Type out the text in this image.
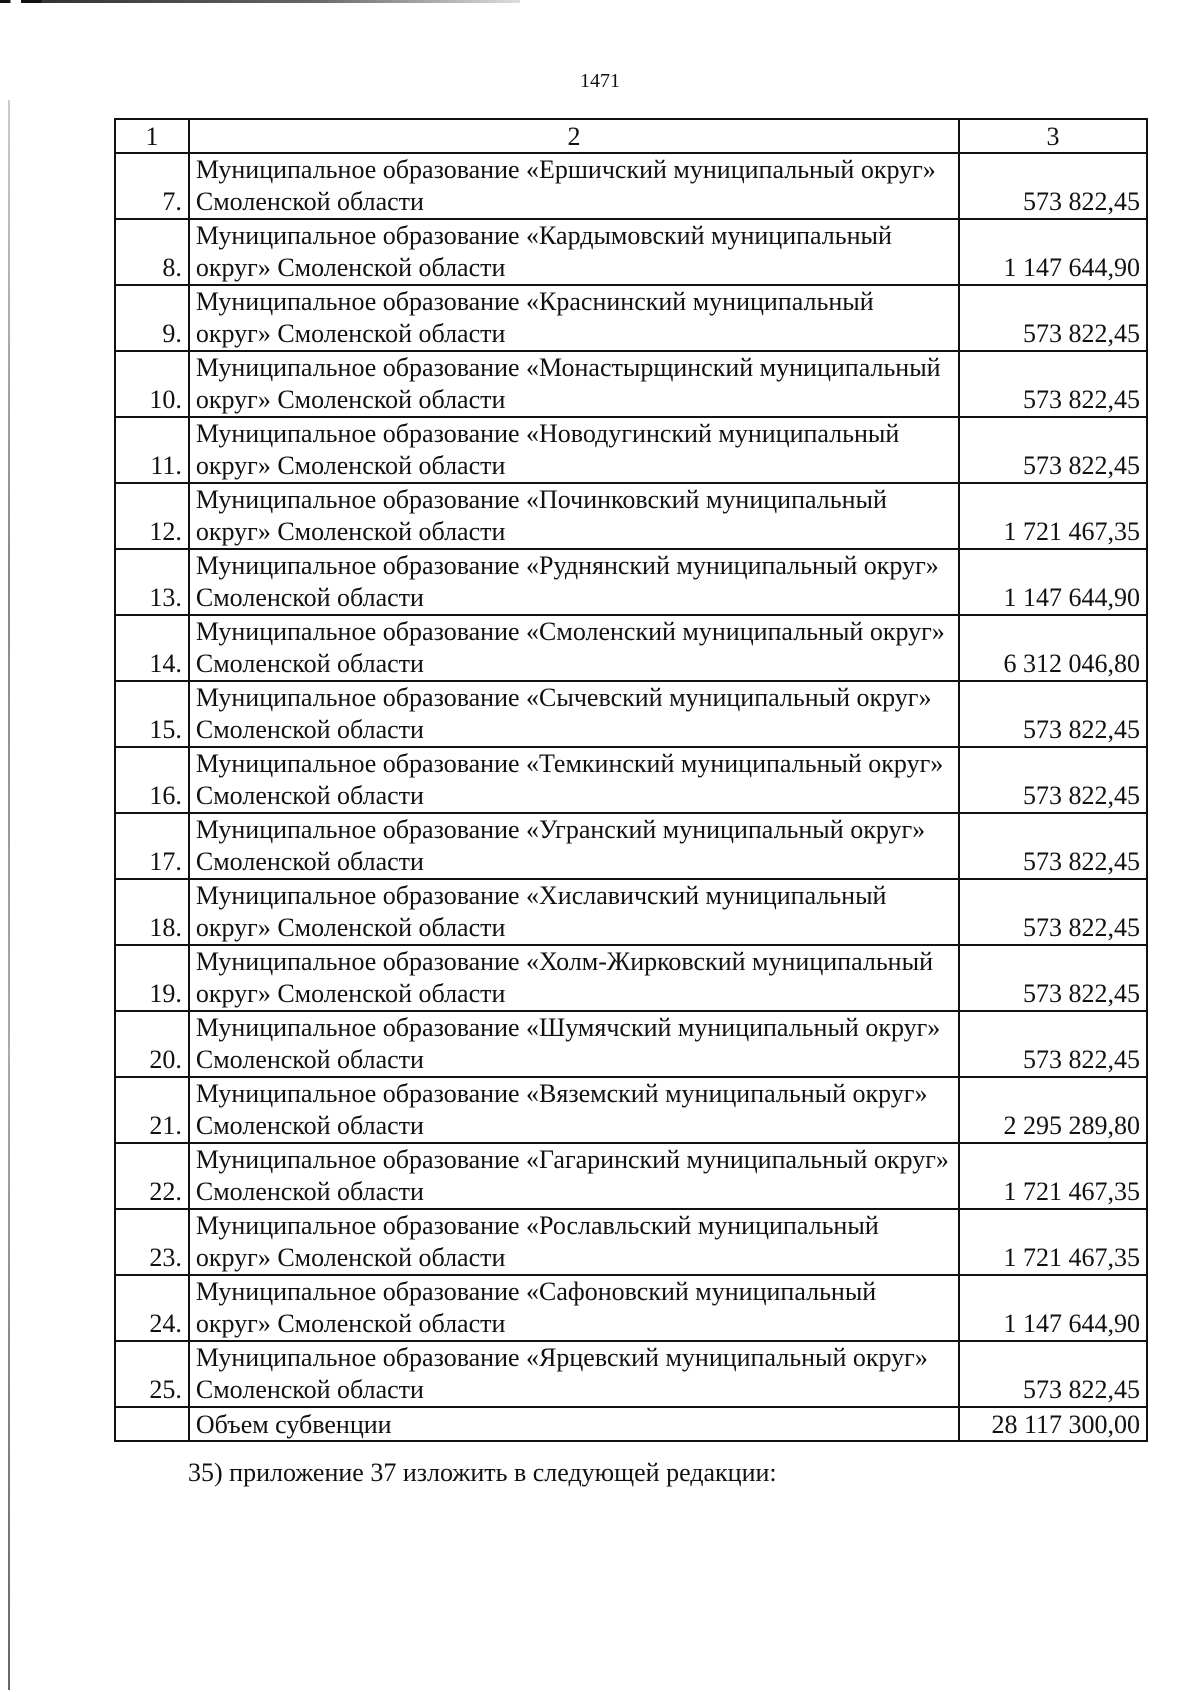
1471
1	2	3
7.	Муниципальное образование «Ершичский муниципальный округ» Смоленской области	573 822,45
8.	Муниципальное образование «Кардымовский муниципальный округ» Смоленской области	1 147 644,90
9.	Муниципальное образование «Краснинский муниципальный округ» Смоленской области	573 822,45
10.	Муниципальное образование «Монастырщинский муниципальный округ» Смоленской области	573 822,45
11.	Муниципальное образование «Новодугинский муниципальный округ» Смоленской области	573 822,45
12.	Муниципальное образование «Починковский муниципальный округ» Смоленской области	1 721 467,35
13.	Муниципальное образование «Руднянский муниципальный округ» Смоленской области	1 147 644,90
14.	Муниципальное образование «Смоленский муниципальный округ» Смоленской области	6 312 046,80
15.	Муниципальное образование «Сычевский муниципальный округ» Смоленской области	573 822,45
16.	Муниципальное образование «Темкинский муниципальный округ» Смоленской области	573 822,45
17.	Муниципальное образование «Угранский муниципальный округ» Смоленской области	573 822,45
18.	Муниципальное образование «Хиславичский муниципальный округ» Смоленской области	573 822,45
19.	Муниципальное образование «Холм-Жирковский муниципальный округ» Смоленской области	573 822,45
20.	Муниципальное образование «Шумячский муниципальный округ» Смоленской области	573 822,45
21.	Муниципальное образование «Вяземский муниципальный округ» Смоленской области	2 295 289,80
22.	Муниципальное образование «Гагаринский муниципальный округ» Смоленской области	1 721 467,35
23.	Муниципальное образование «Рославльский муниципальный округ» Смоленской области	1 721 467,35
24.	Муниципальное образование «Сафоновский муниципальный округ» Смоленской области	1 147 644,90
25.	Муниципальное образование «Ярцевский муниципальный округ» Смоленской области	573 822,45
	Объем субвенции	28 117 300,00
35) приложение 37 изложить в следующей редакции:
